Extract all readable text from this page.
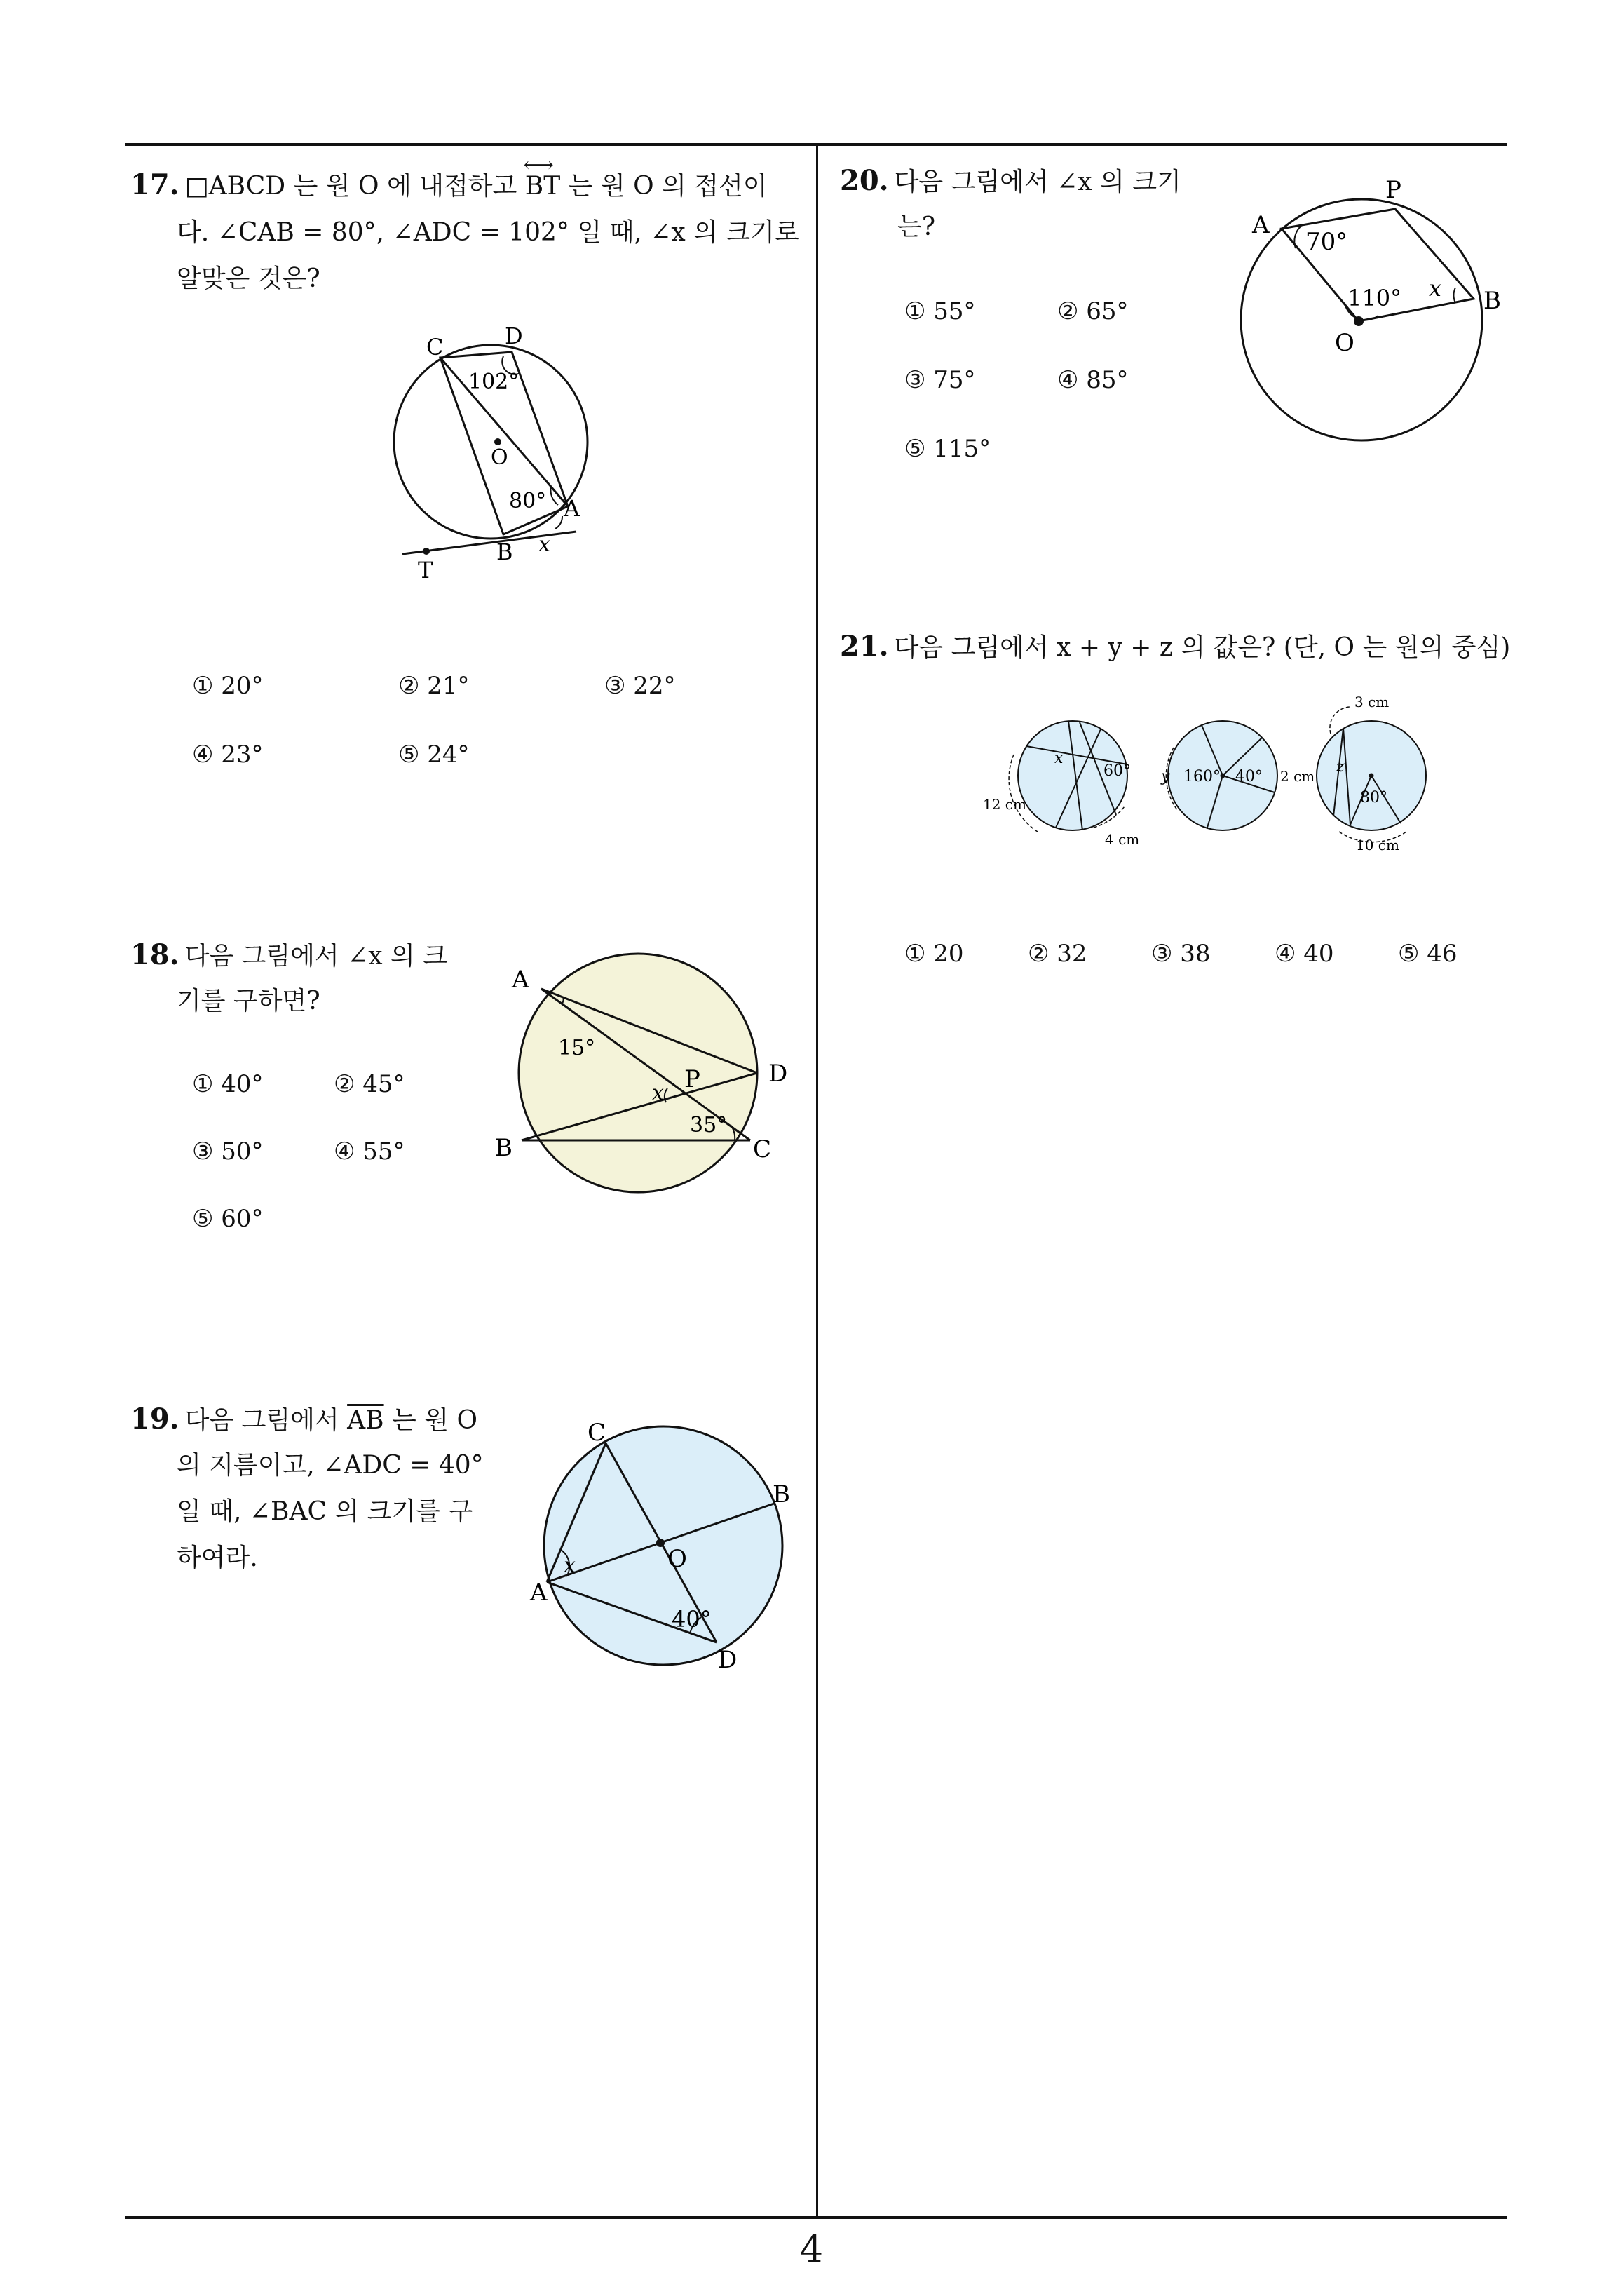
17. □ABCD 는 원 O 에 내접하고
⟷
BT 는 원 O 의 접선이
다. ∠CAB = 80°, ∠ADC = 102° 일 때, ∠x 의 크기로
알맞은 것은?
C	D
102°
O
80° A
B x
T
① 20°	② 21°	③ 22°
④ 23°	⑤ 24°
18. 다음 그림에서 ∠x 의 크
기를 구하면?
A
15°
x P	D
35°
B	C
① 40°	② 45°
③ 50°	④ 55°
⑤ 60°
19. 다음 그림에서 $\overline{AB}$ 는 원 O
의 지름이고, ∠ADC = 40°
일 때, ∠BAC 의 크기를 구
하여라.
C
B
O
x
A
40°
D
20. 다음 그림에서 ∠x 의 크기
는?
① 55°	② 65°
③ 75°	④ 85°
⑤ 115°
A
70°
P
110° x B
O
21. 다음 그림에서 x + y + z 의 값은? (단, O 는 원의 중심)
x
60°
12 cm
4 cm
y 160° 40° 2 cm
3 cm
z
80°
10 cm
① 20	② 32	③ 38	④ 40	⑤ 46
4
